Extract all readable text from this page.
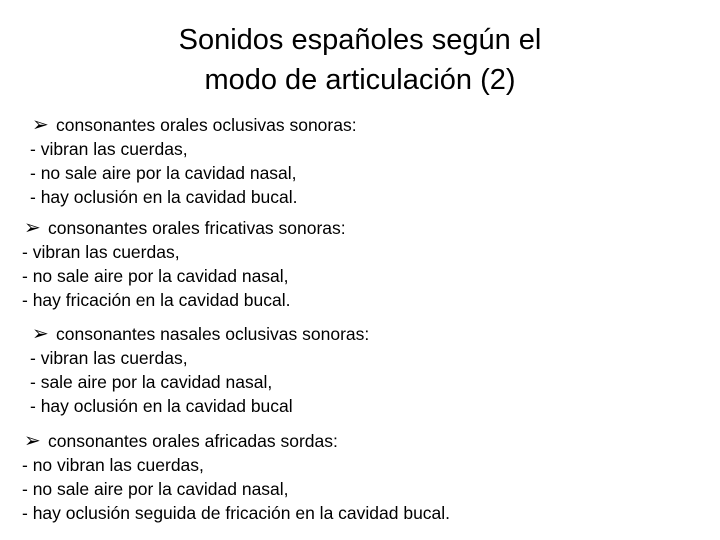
Sonidos españoles según el
modo de articulación (2)
➢ consonantes orales oclusivas sonoras :
- vibran las cuerdas,
- no sale aire por la cavidad nasal,
- hay oclusión en la cavidad bucal.
➢ consonantes orales fricativas sonoras :
- vibran las cuerdas,
- no sale aire por la cavidad nasal,
- hay fricación en la cavidad bucal.
➢ consonantes nasales oclusivas sonoras :
- vibran las cuerdas,
- sale aire por la cavidad nasal,
- hay oclusión en la cavidad bucal
➢ consonantes orales africadas sordas :
- no vibran las cuerdas,
- no sale aire por la cavidad nasal,
- hay oclusión seguida de fricación en la cavidad bucal.
